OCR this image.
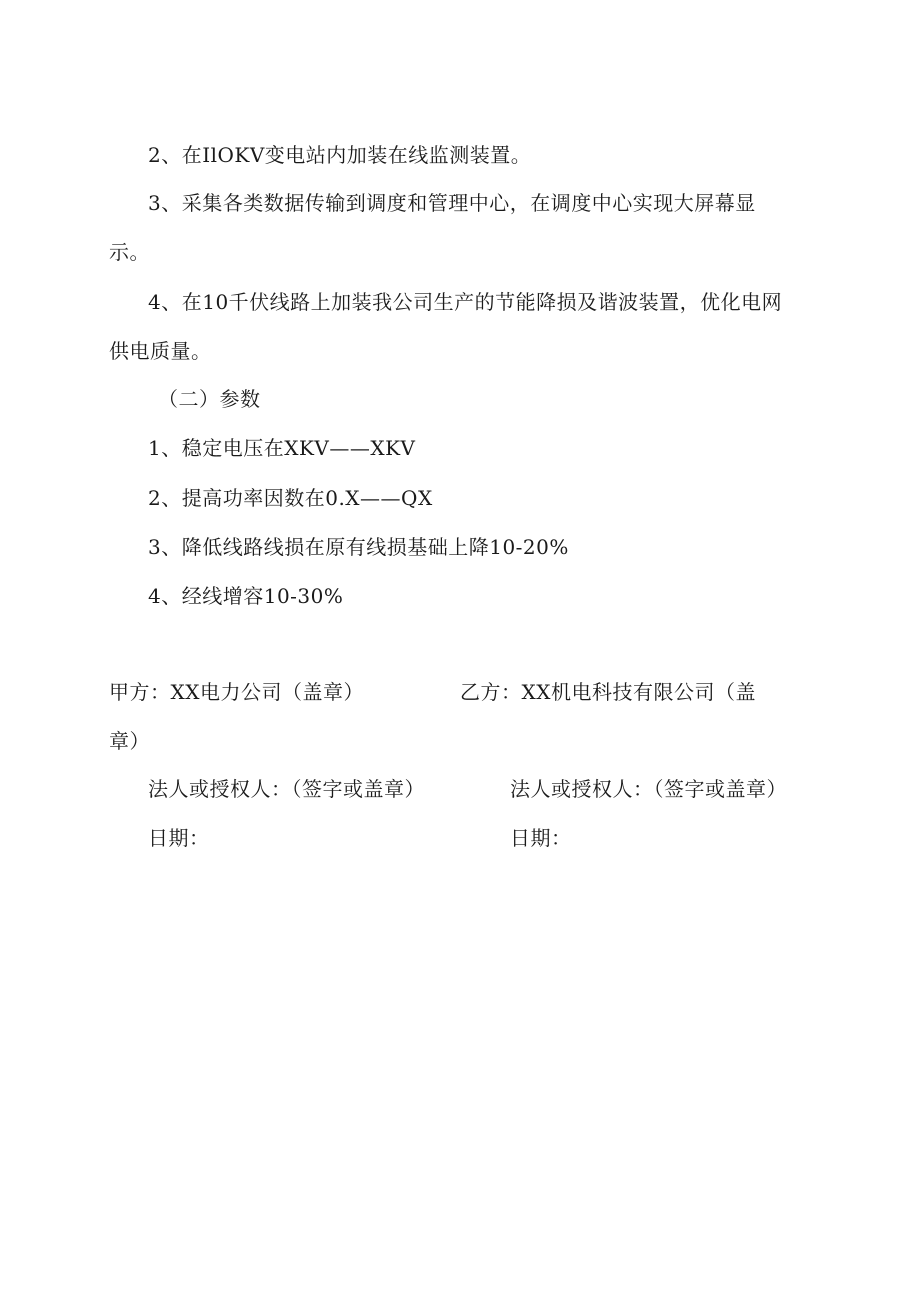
2、在IlOKV变电站内加装在线监测装置。
3、采集各类数据传输到调度和管理中心，在调度中心实现大屏幕显
示。
4、在10千伏线路上加装我公司生产的节能降损及谐波装置，优化电网
供电质量。
（二）参数
1、稳定电压在XKV——XKV
2、提高功率因数在0.X——QX
3、降低线路线损在原有线损基础上降10-20%
4、经线增容10-30%
甲方：XX电力公司（盖章）	乙方：XX机电科技有限公司（盖
章）
法人或授权人：（签字或盖章）	法人或授权人：（签字或盖章）
日期：	日期：
